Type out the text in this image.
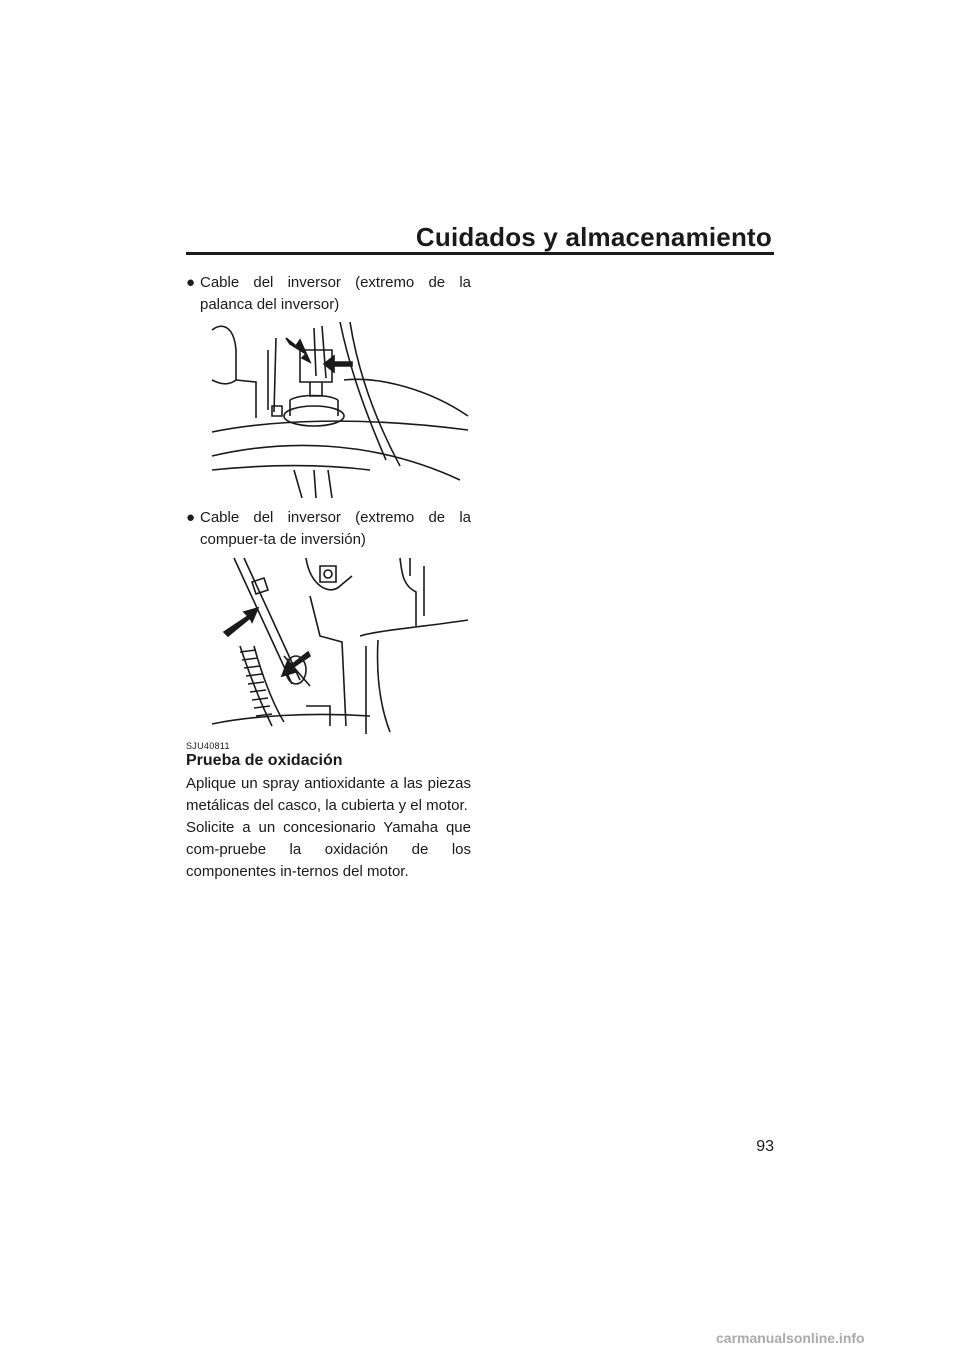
Cuidados y almacenamiento
● Cable del inversor (extremo de la palanca del inversor)
● Cable del inversor (extremo de la compuer-ta de inversión)
SJU40811
Prueba de oxidación
Aplique un spray antioxidante a las piezas metálicas del casco, la cubierta y el motor.
Solicite a un concesionario Yamaha que com-pruebe la oxidación de los componentes in-ternos del motor.
93
carmanualsonline.info
